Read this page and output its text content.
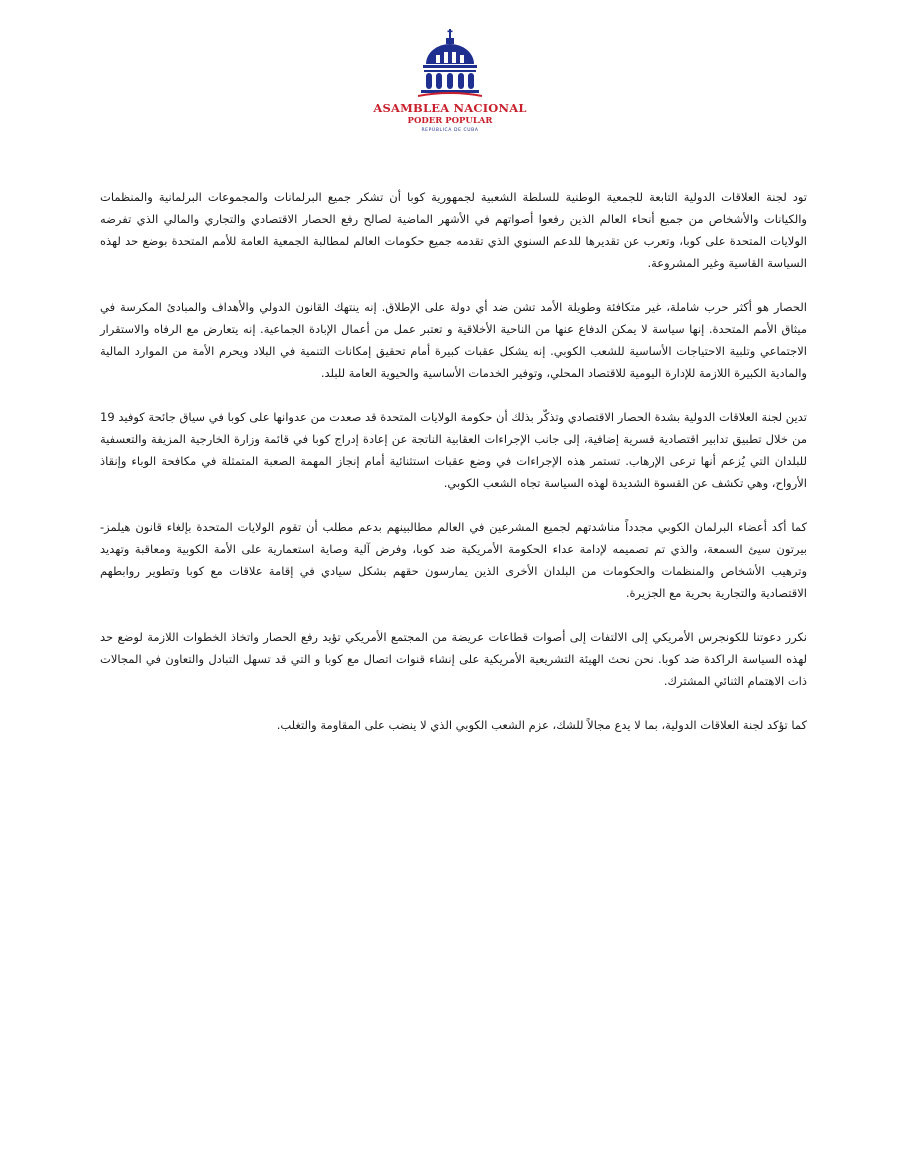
ASAMBLEA NACIONAL
PODER POPULAR
REPÚBLICA DE CUBA

تود لجنة العلاقات الدولية التابعة للجمعية الوطنية للسلطة الشعبية لجمهورية كوبا أن تشكر جميع البرلمانات والمجموعات البرلمانية والمنظمات والكيانات والأشخاص من جميع أنحاء العالم الذين رفعوا أصواتهم في الأشهر الماضية لصالح رفع الحصار الاقتصادي والتجاري والمالي الذي تفرضه الولايات المتحدة على كوبا، وتعرب عن تقديرها للدعم السنوي الذي تقدمه جميع حكومات العالم لمطالبة الجمعية العامة للأمم المتحدة بوضع حد لهذه السياسة القاسية وغير المشروعة.

الحصار هو أكثر حرب شاملة، غير متكافئة وطويلة الأمد تشن ضد أي دولة على الإطلاق. إنه ينتهك القانون الدولي والأهداف والمبادئ المكرسة في ميثاق الأمم المتحدة. إنها سياسة لا يمكن الدفاع عنها من الناحية الأخلاقية و تعتبر عمل من أعمال الإبادة الجماعية. إنه يتعارض مع الرفاه والاستقرار الاجتماعي وتلبية الاحتياجات الأساسية للشعب الكوبي. إنه يشكل عقبات كبيرة أمام تحقيق إمكانات التنمية في البلاد ويحرم الأمة من الموارد المالية والمادية الكبيرة اللازمة للإدارة اليومية للاقتصاد المحلي، وتوفير الخدمات الأساسية والحيوية العامة للبلد.

تدين لجنة العلاقات الدولية بشدة الحصار الاقتصادي وتذكّر بذلك أن حكومة الولايات المتحدة قد صعدت من عدوانها على كوبا في سياق جائحة كوفيد 19 من خلال تطبيق تدابير اقتصادية قسرية إضافية، إلى جانب الإجراءات العقابية الناتجة عن إعادة إدراج كوبا في قائمة وزارة الخارجية المزيفة والتعسفية للبلدان التي يُزعم أنها ترعى الإرهاب. تستمر هذه الإجراءات في وضع عقبات استثنائية أمام إنجاز المهمة الصعبة المتمثلة في مكافحة الوباء وإنقاذ الأرواح، وهي تكشف عن القسوة الشديدة لهذه السياسة تجاه الشعب الكوبي.

كما أكد أعضاء البرلمان الكوبي مجدداً مناشدتهم لجميع المشرعين في العالم مطالبينهم بدعم مطلب أن تقوم الولايات المتحدة بإلغاء قانون هيلمز-بيرتون سيئ السمعة، والذي تم تصميمه لإدامة عداء الحكومة الأمريكية ضد كوبا، وفرض آلية وصاية استعمارية على الأمة الكوبية ومعاقبة وتهديد وترهيب الأشخاص والمنظمات والحكومات من البلدان الأخرى الذين يمارسون حقهم بشكل سيادي في إقامة علاقات مع كوبا وتطوير روابطهم الاقتصادية والتجارية بحرية مع الجزيرة.

نكرر دعوتنا للكونجرس الأمريكي إلى الالتفات إلى أصوات قطاعات عريضة من المجتمع الأمريكي تؤيد رفع الحصار واتخاذ الخطوات اللازمة لوضع حد لهذه السياسة الراكدة ضد كوبا. نحن نحث الهيئة التشريعية الأمريكية على إنشاء قنوات اتصال مع كوبا و التي قد تسهل التبادل والتعاون في المجالات ذات الاهتمام الثنائي المشترك.

كما تؤكد لجنة العلاقات الدولية، بما لا يدع مجالاً للشك، عزم الشعب الكوبي الذي لا ينضب على المقاومة والتغلب.
